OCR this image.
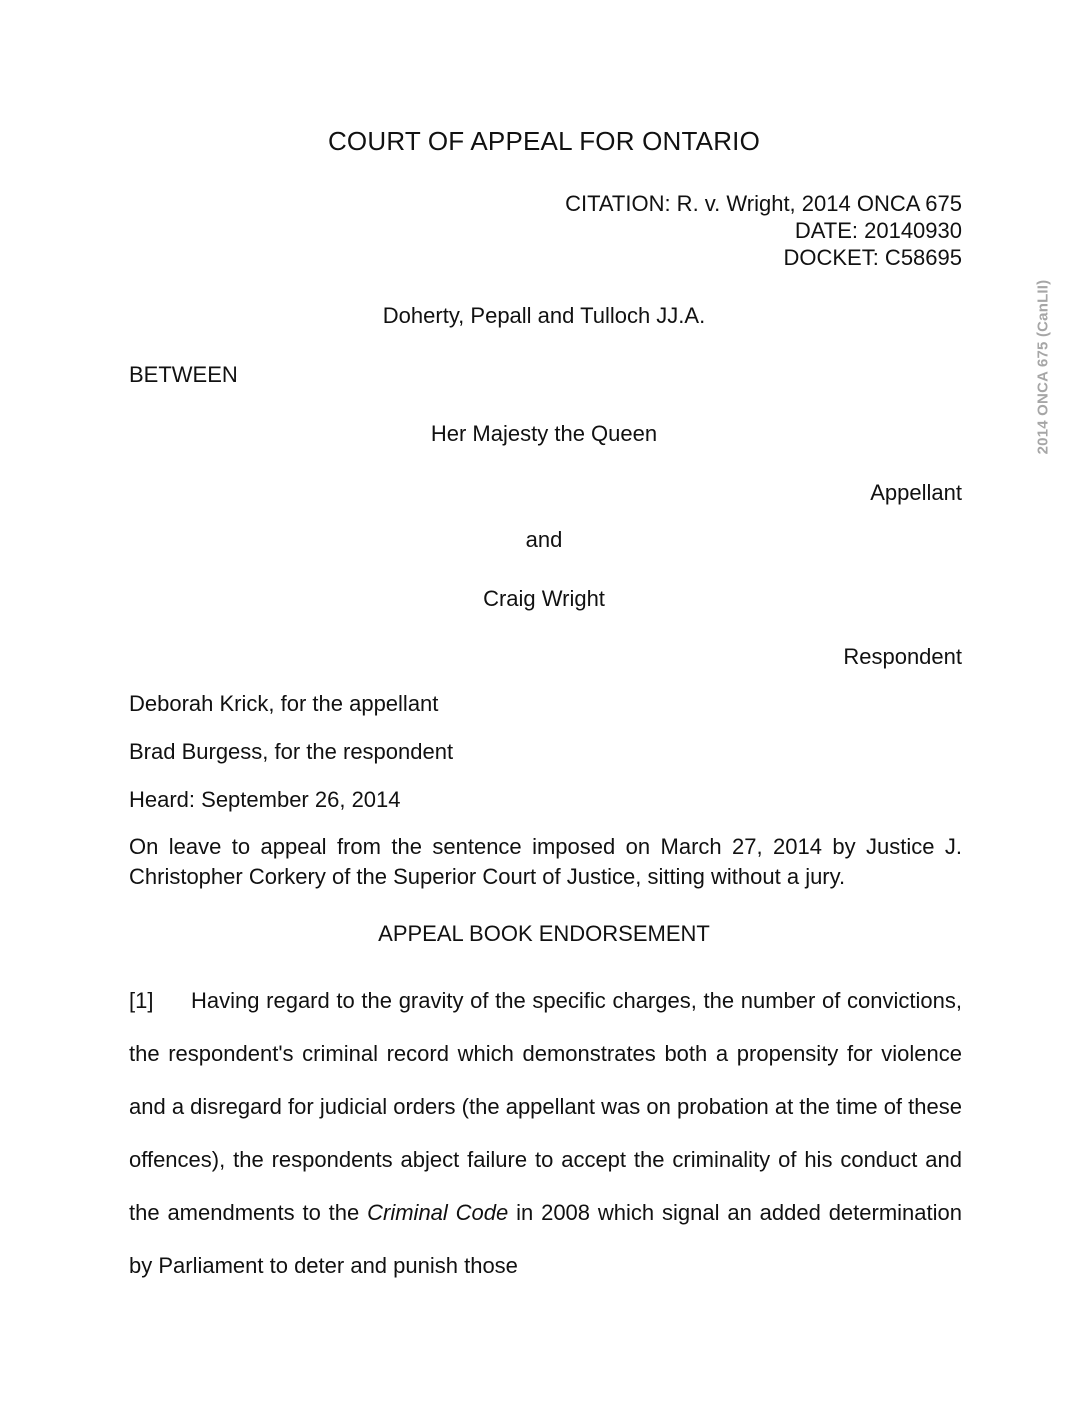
COURT OF APPEAL FOR ONTARIO
CITATION: R. v. Wright, 2014 ONCA 675
DATE: 20140930
DOCKET: C58695
Doherty, Pepall and Tulloch JJ.A.
BETWEEN
Her Majesty the Queen
Appellant
and
Craig Wright
Respondent
Deborah Krick, for the appellant
Brad Burgess, for the respondent
Heard: September 26, 2014
On leave to appeal from the sentence imposed on March 27, 2014 by Justice J. Christopher Corkery of the Superior Court of Justice, sitting without a jury.
APPEAL BOOK ENDORSEMENT
[1] Having regard to the gravity of the specific charges, the number of convictions, the respondent's criminal record which demonstrates both a propensity for violence and a disregard for judicial orders (the appellant was on probation at the time of these offences), the respondents abject failure to accept the criminality of his conduct and the amendments to the Criminal Code in 2008 which signal an added determination by Parliament to deter and punish those
2014 ONCA 675 (CanLII)
